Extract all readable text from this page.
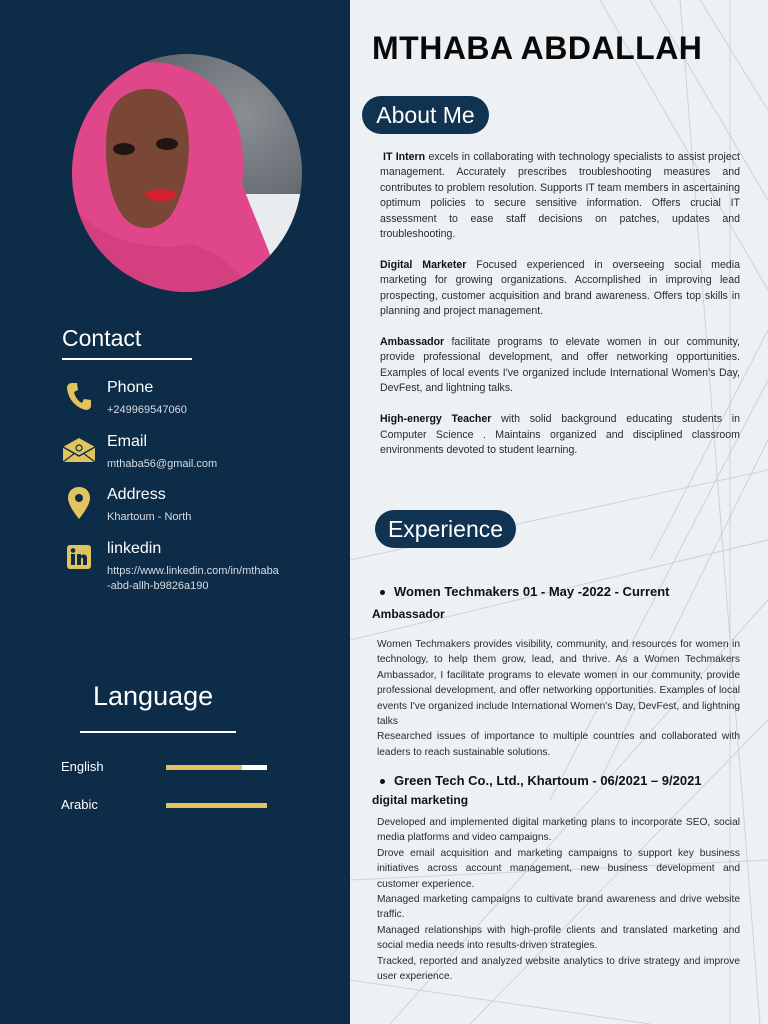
Contact
Phone
+249969547060
Email
mthaba56@gmail.com
Address
Khartoum - North
linkedin
https://www.linkedin.com/in/mthaba
-abd-allh-b9826a190
Language
English
Arabic
MTHABA ABDALLAH
About Me

IT Intern excels in collaborating with technology specialists to assist project management. Accurately prescribes troubleshooting measures and contributes to problem resolution. Supports IT team members in ascertaining optimum policies to secure sensitive information. Offers crucial IT assessment to ease staff decisions on patches, updates and troubleshooting.

Digital Marketer Focused experienced in overseeing social media marketing for growing organizations. Accomplished in improving lead prospecting, customer acquisition and brand awareness. Offers top skills in planning and project management.

Ambassador facilitate programs to elevate women in our community, provide professional development, and offer networking opportunities. Examples of local events I've organized include International Women's Day, DevFest, and lightning talks.

High-energy Teacher with solid background educating students in Computer Science . Maintains organized and disciplined classroom environments devoted to student learning.

Experience
Women Techmakers 01 - May -2022 - Current
Ambassador
Women Techmakers provides visibility, community, and resources for women in technology, to help them grow, lead, and thrive. As a Women Techmakers Ambassador, I facilitate programs to elevate women in our community, provide professional development, and offer networking opportunities. Examples of local events I've organized include International Women's Day, DevFest, and lightning talks
Researched issues of importance to multiple countries and collaborated with leaders to reach sustainable solutions.
Green Tech Co., Ltd., Khartoum - 06/2021 – 9/2021
digital marketing
Developed and implemented digital marketing plans to incorporate SEO, social media platforms and video campaigns.
Drove email acquisition and marketing campaigns to support key business initiatives across account management, new business development and customer experience.
Managed marketing campaigns to cultivate brand awareness and drive website traffic.
Managed relationships with high-profile clients and translated marketing and social media needs into results-driven strategies.
Tracked, reported and analyzed website analytics to drive strategy and improve user experience.
